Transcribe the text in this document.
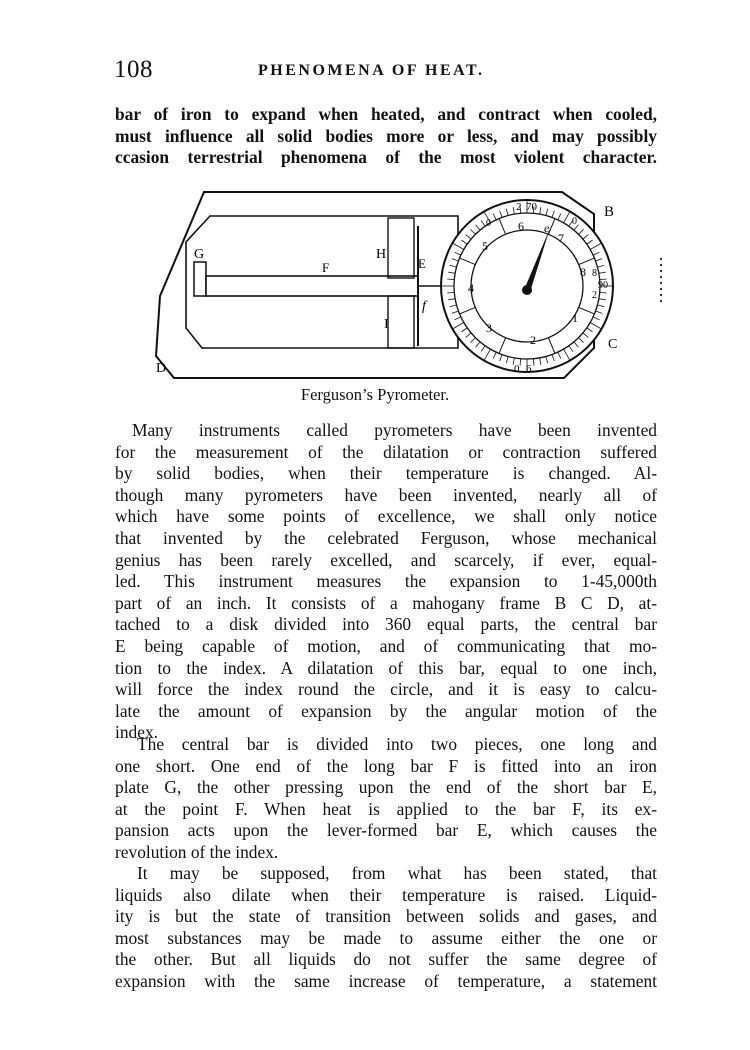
108	PHENOMENA OF HEAT.
bar of iron to expand when heated, and contract when cooled,
must influence all solid bodies more or less, and may possibly
ccasion terrestrial phenomena of the most violent character.
B
C
D
G
F
H
I
E
f
6 e
7
8
1
2
3
4
5
2 70
0 6
0
0
8
2
90
Ferguson’s Pyrometer.
Many instruments called pyrometers have been invented
for the measurement of the dilatation or contraction suffered
by solid bodies, when their temperature is changed. Al-
though many pyrometers have been invented, nearly all of
which have some points of excellence, we shall only notice
that invented by the celebrated Ferguson, whose mechanical
genius has been rarely excelled, and scarcely, if ever, equal-
led. This instrument measures the expansion to 1-45,000th
part of an inch. It consists of a mahogany frame B C D, at-
tached to a disk divided into 360 equal parts, the central bar
E being capable of motion, and of communicating that mo-
tion to the index. A dilatation of this bar, equal to one inch,
will force the index round the circle, and it is easy to calcu-
late the amount of expansion by the angular motion of the
index.
The central bar is divided into two pieces, one long and
one short. One end of the long bar F is fitted into an iron
plate G, the other pressing upon the end of the short bar E,
at the point F. When heat is applied to the bar F, its ex-
pansion acts upon the lever-formed bar E, which causes the
revolution of the index.
It may be supposed, from what has been stated, that
liquids also dilate when their temperature is raised. Liquid-
ity is but the state of transition between solids and gases, and
most substances may be made to assume either the one or
the other. But all liquids do not suffer the same degree of
expansion with the same increase of temperature, a statement
